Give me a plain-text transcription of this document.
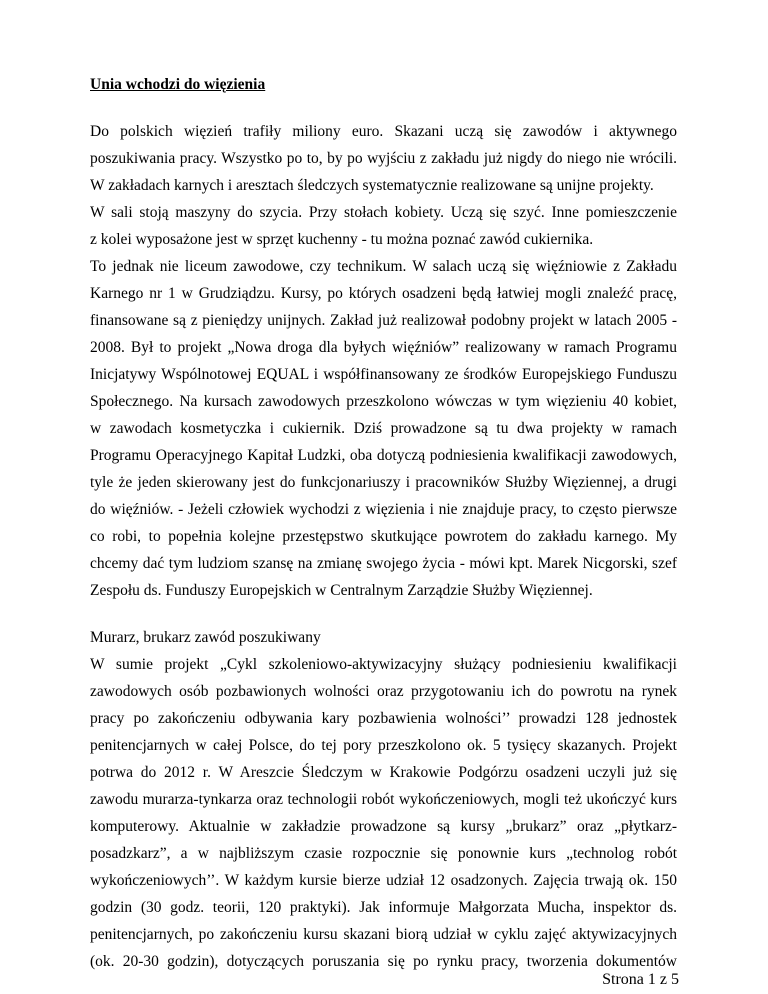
Unia wchodzi do więzienia
Do polskich więzień trafiły miliony euro. Skazani uczą się zawodów i aktywnego
poszukiwania pracy. Wszystko po to, by po wyjściu z zakładu już nigdy do niego nie wrócili.
W zakładach karnych i aresztach śledczych systematycznie realizowane są unijne projekty.
W sali stoją maszyny do szycia. Przy stołach kobiety. Uczą się szyć. Inne pomieszczenie
z kolei wyposażone jest w sprzęt kuchenny - tu można poznać zawód cukiernika.
To jednak nie liceum zawodowe, czy technikum. W salach uczą się więźniowie z Zakładu
Karnego nr 1 w Grudziądzu. Kursy, po których osadzeni będą łatwiej mogli znaleźć pracę,
finansowane są z pieniędzy unijnych. Zakład już realizował podobny projekt w latach 2005 -
2008. Był to projekt „Nowa droga dla byłych więźniów” realizowany w ramach Programu
Inicjatywy Wspólnotowej EQUAL i współfinansowany ze środków Europejskiego Funduszu
Społecznego. Na kursach zawodowych przeszkolono wówczas w tym więzieniu 40 kobiet,
w zawodach kosmetyczka i cukiernik. Dziś prowadzone są tu dwa projekty w ramach
Programu Operacyjnego Kapitał Ludzki, oba dotyczą podniesienia kwalifikacji zawodowych,
tyle że jeden skierowany jest do funkcjonariuszy i pracowników Służby Więziennej, a drugi
do więźniów. - Jeżeli człowiek wychodzi z więzienia i nie znajduje pracy, to często pierwsze
co robi, to popełnia kolejne przestępstwo skutkujące powrotem do zakładu karnego. My
chcemy dać tym ludziom szansę na zmianę swojego życia - mówi kpt. Marek Nicgorski, szef
Zespołu ds. Funduszy Europejskich w Centralnym Zarządzie Służby Więziennej.
Murarz, brukarz zawód poszukiwany
W sumie projekt „Cykl szkoleniowo-aktywizacyjny służący podniesieniu kwalifikacji
zawodowych osób pozbawionych wolności oraz przygotowaniu ich do powrotu na rynek
pracy po zakończeniu odbywania kary pozbawienia wolności’’ prowadzi 128 jednostek
penitencjarnych w całej Polsce, do tej pory przeszkolono ok. 5 tysięcy skazanych. Projekt
potrwa do 2012 r. W Areszcie Śledczym w Krakowie Podgórzu osadzeni uczyli już się
zawodu murarza-tynkarza oraz technologii robót wykończeniowych, mogli też ukończyć kurs
komputerowy. Aktualnie w zakładzie prowadzone są kursy „brukarz” oraz „płytkarz-
posadzkarz”, a w najbliższym czasie rozpocznie się ponownie kurs „technolog robót
wykończeniowych’’. W każdym kursie bierze udział 12 osadzonych. Zajęcia trwają ok. 150
godzin (30 godz. teorii, 120 praktyki). Jak informuje Małgorzata Mucha, inspektor ds.
penitencjarnych, po zakończeniu kursu skazani biorą udział w cyklu zajęć aktywizacyjnych
(ok. 20-30 godzin), dotyczących poruszania się po rynku pracy, tworzenia dokumentów
Strona 1 z 5
